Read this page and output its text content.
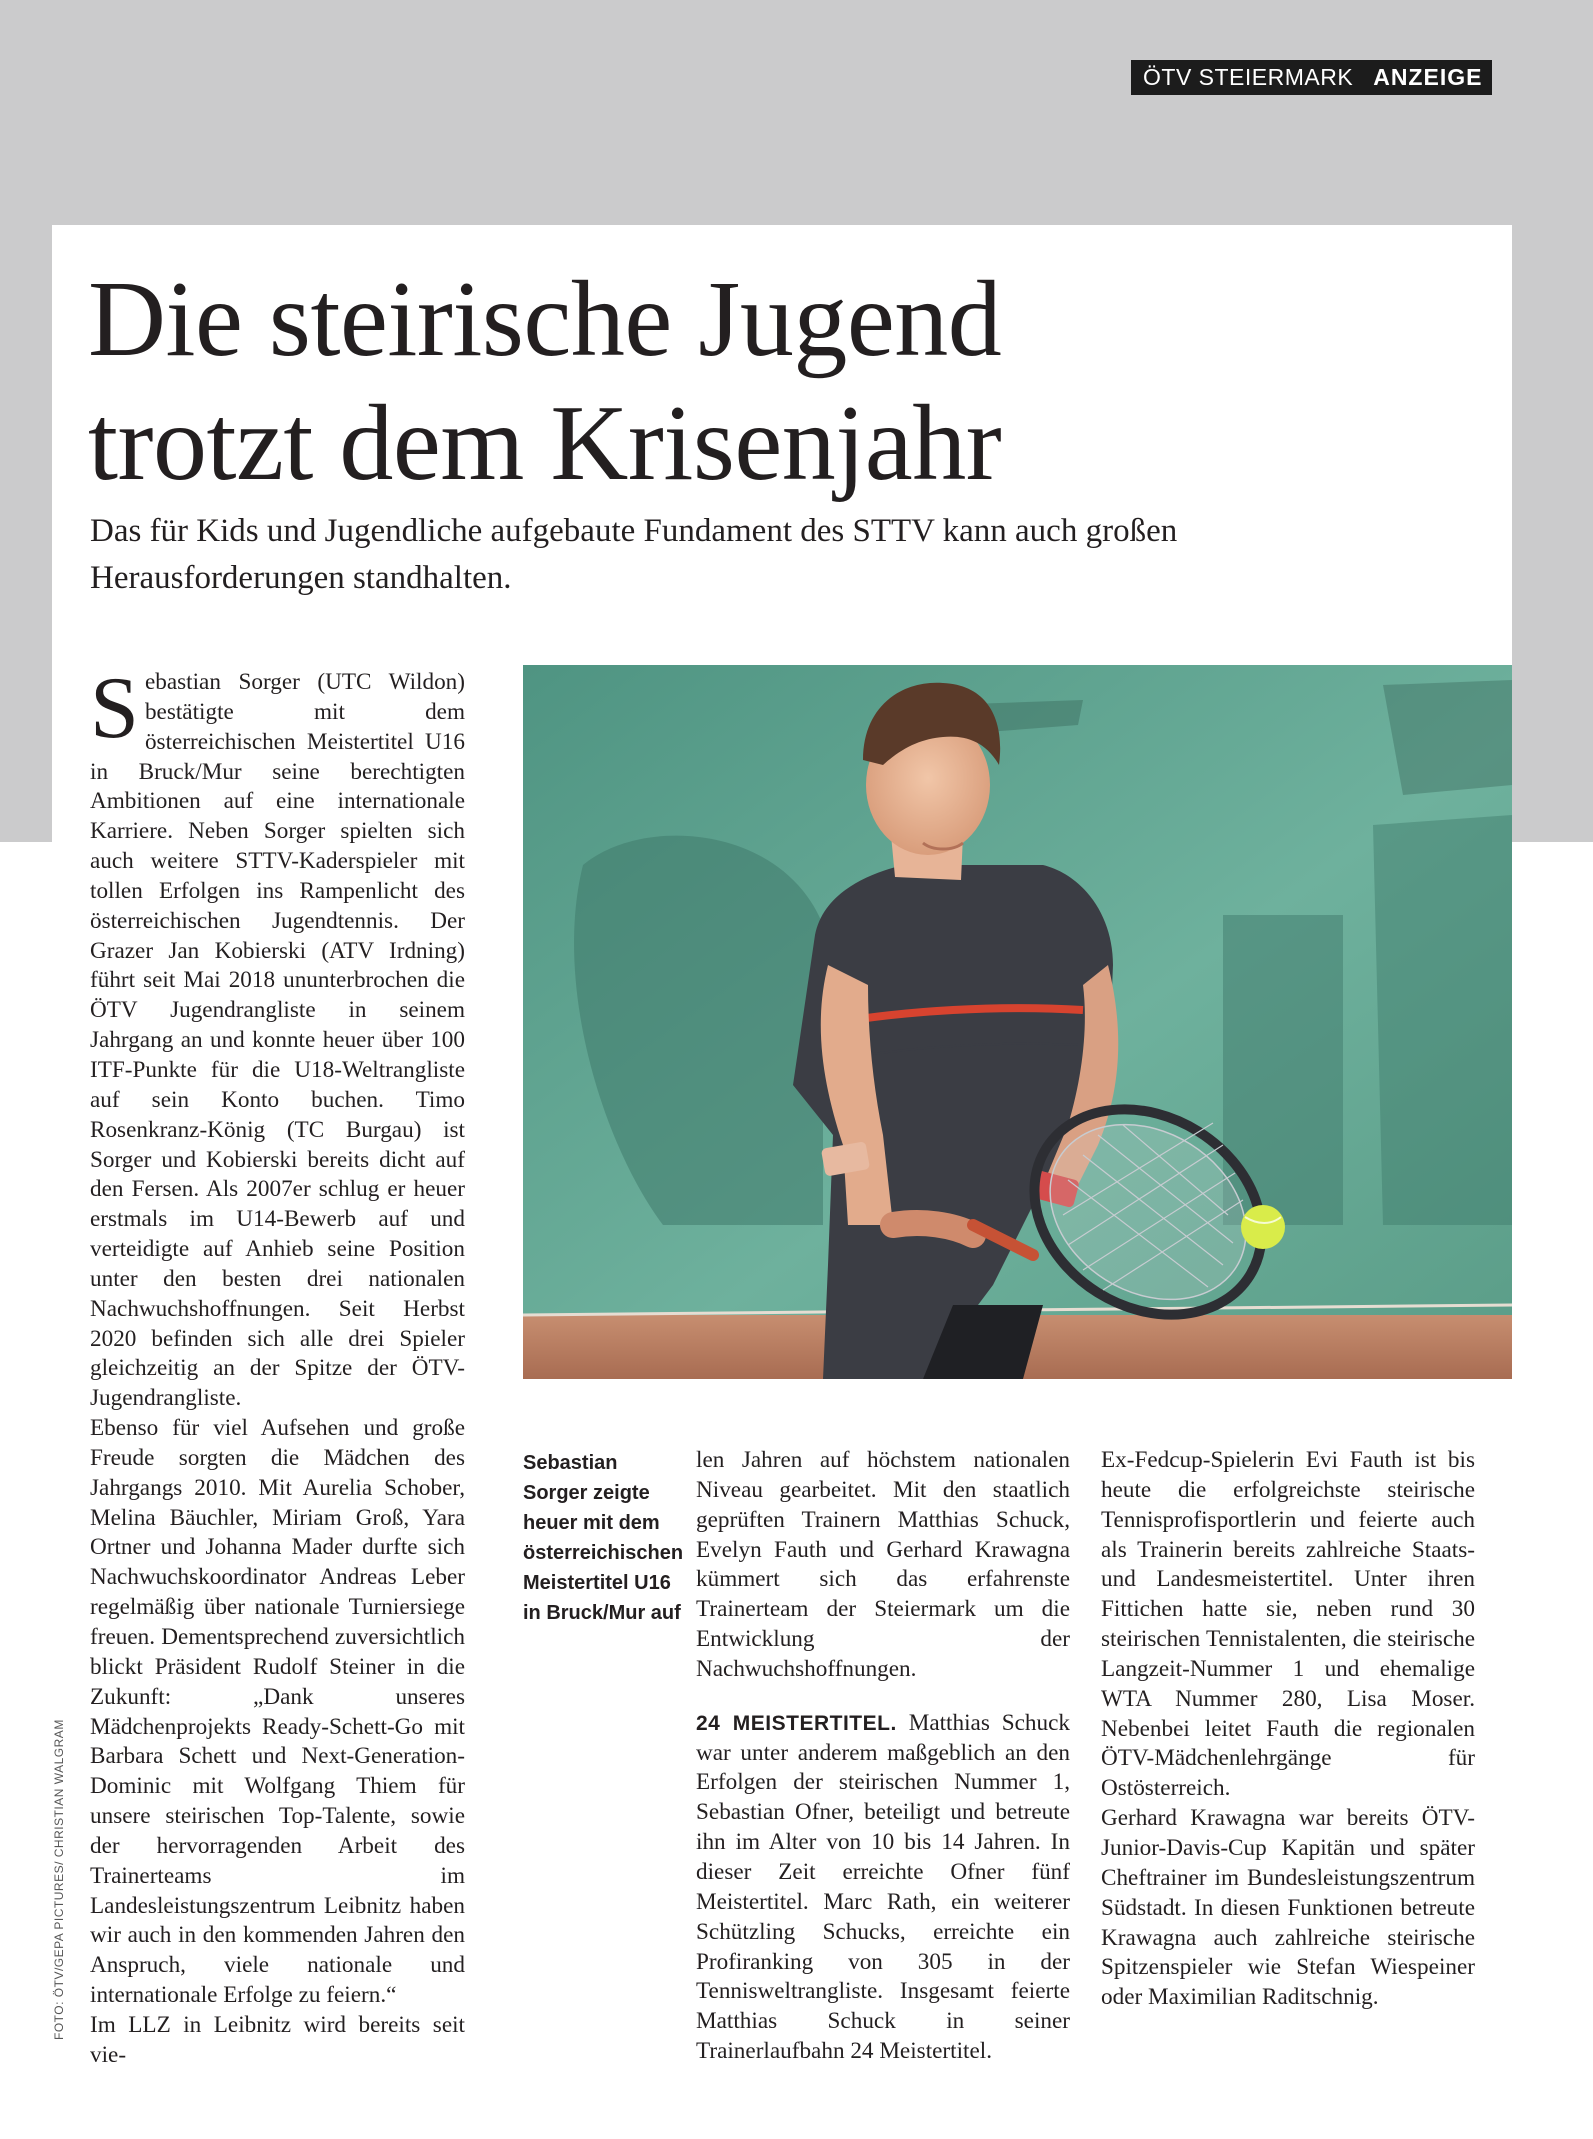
ÖTV STEIERMARK ANZEIGE
Die steirische Jugend
trotzt dem Krisenjahr
Das für Kids und Jugendliche aufgebaute Fundament des STTV kann auch großen Herausforderungen standhalten.

Sebastian Sorger (UTC Wildon) bestätigte mit dem österreichischen Meistertitel U16 in Bruck/Mur seine berechtigten Ambitionen auf eine internationale Karriere. Neben Sorger spielten sich auch weitere STTV-Kaderspieler mit tollen Erfolgen ins Rampenlicht des österreichischen Jugendtennis. Der Grazer Jan Kobierski (ATV Irdning) führt seit Mai 2018 ununterbrochen die ÖTV Jugendrangliste in seinem Jahrgang an und konnte heuer über 100 ITF-Punkte für die U18-Weltrangliste auf sein Konto buchen. Timo Rosenkranz-König (TC Burgau) ist Sorger und Kobierski bereits dicht auf den Fersen. Als 2007er schlug er heuer erstmals im U14-Bewerb auf und verteidigte auf Anhieb seine Position unter den besten drei nationalen Nachwuchshoffnungen. Seit Herbst 2020 befinden sich alle drei Spieler gleichzeitig an der Spitze der ÖTV-Jugendrangliste.

Ebenso für viel Aufsehen und große Freude sorgten die Mädchen des Jahrgangs 2010. Mit Aurelia Schober, Melina Bäuchler, Miriam Groß, Yara Ortner und Johanna Mader durfte sich Nachwuchskoordinator Andreas Leber regelmäßig über nationale Turniersiege freuen. Dementsprechend zuversichtlich blickt Präsident Rudolf Steiner in die Zukunft: „Dank unseres Mädchenprojekts Ready-Schett-Go mit Barbara Schett und Next-Generation-Dominic mit Wolfgang Thiem für unsere steirischen Top-Talente, sowie der hervorragenden Arbeit des Trainerteams im Landesleistungszentrum Leibnitz haben wir auch in den kommenden Jahren den Anspruch, viele nationale und internationale Erfolge zu feiern.“

Im LLZ in Leibnitz wird bereits seit vie-

Sebastian Sorger zeigte heuer mit dem österreichischen Meistertitel U16 in Bruck/Mur auf

len Jahren auf höchstem nationalen Niveau gearbeitet. Mit den staatlich geprüften Trainern Matthias Schuck, Evelyn Fauth und Gerhard Krawagna kümmert sich das erfahrenste Trainerteam der Steiermark um die Entwicklung der Nachwuchshoffnungen.

24 MEISTERTITEL. Matthias Schuck war unter anderem maßgeblich an den Erfolgen der steirischen Nummer 1, Sebastian Ofner, beteiligt und betreute ihn im Alter von 10 bis 14 Jahren. In dieser Zeit erreichte Ofner fünf Meistertitel. Marc Rath, ein weiterer Schützling Schucks, erreichte ein Profiranking von 305 in der Tennisweltrangliste. Insgesamt feierte Matthias Schuck in seiner Trainerlaufbahn 24 Meistertitel.

Ex-Fedcup-Spielerin Evi Fauth ist bis heute die erfolgreichste steirische Tennisprofisportlerin und feierte auch als Trainerin bereits zahlreiche Staats- und Landesmeistertitel. Unter ihren Fittichen hatte sie, neben rund 30 steirischen Tennistalenten, die steirische Langzeit-Nummer 1 und ehemalige WTA Nummer 280, Lisa Moser. Nebenbei leitet Fauth die regionalen ÖTV-Mädchenlehrgänge für Ostösterreich.

Gerhard Krawagna war bereits ÖTV-Junior-Davis-Cup Kapitän und später Cheftrainer im Bundesleistungszentrum Südstadt. In diesen Funktionen betreute Krawagna auch zahlreiche steirische Spitzenspieler wie Stefan Wiespeiner oder Maximilian Raditschnig.

FOTO: ÖTV/GEPA PICTURES/ CHRISTIAN WALGRAM
